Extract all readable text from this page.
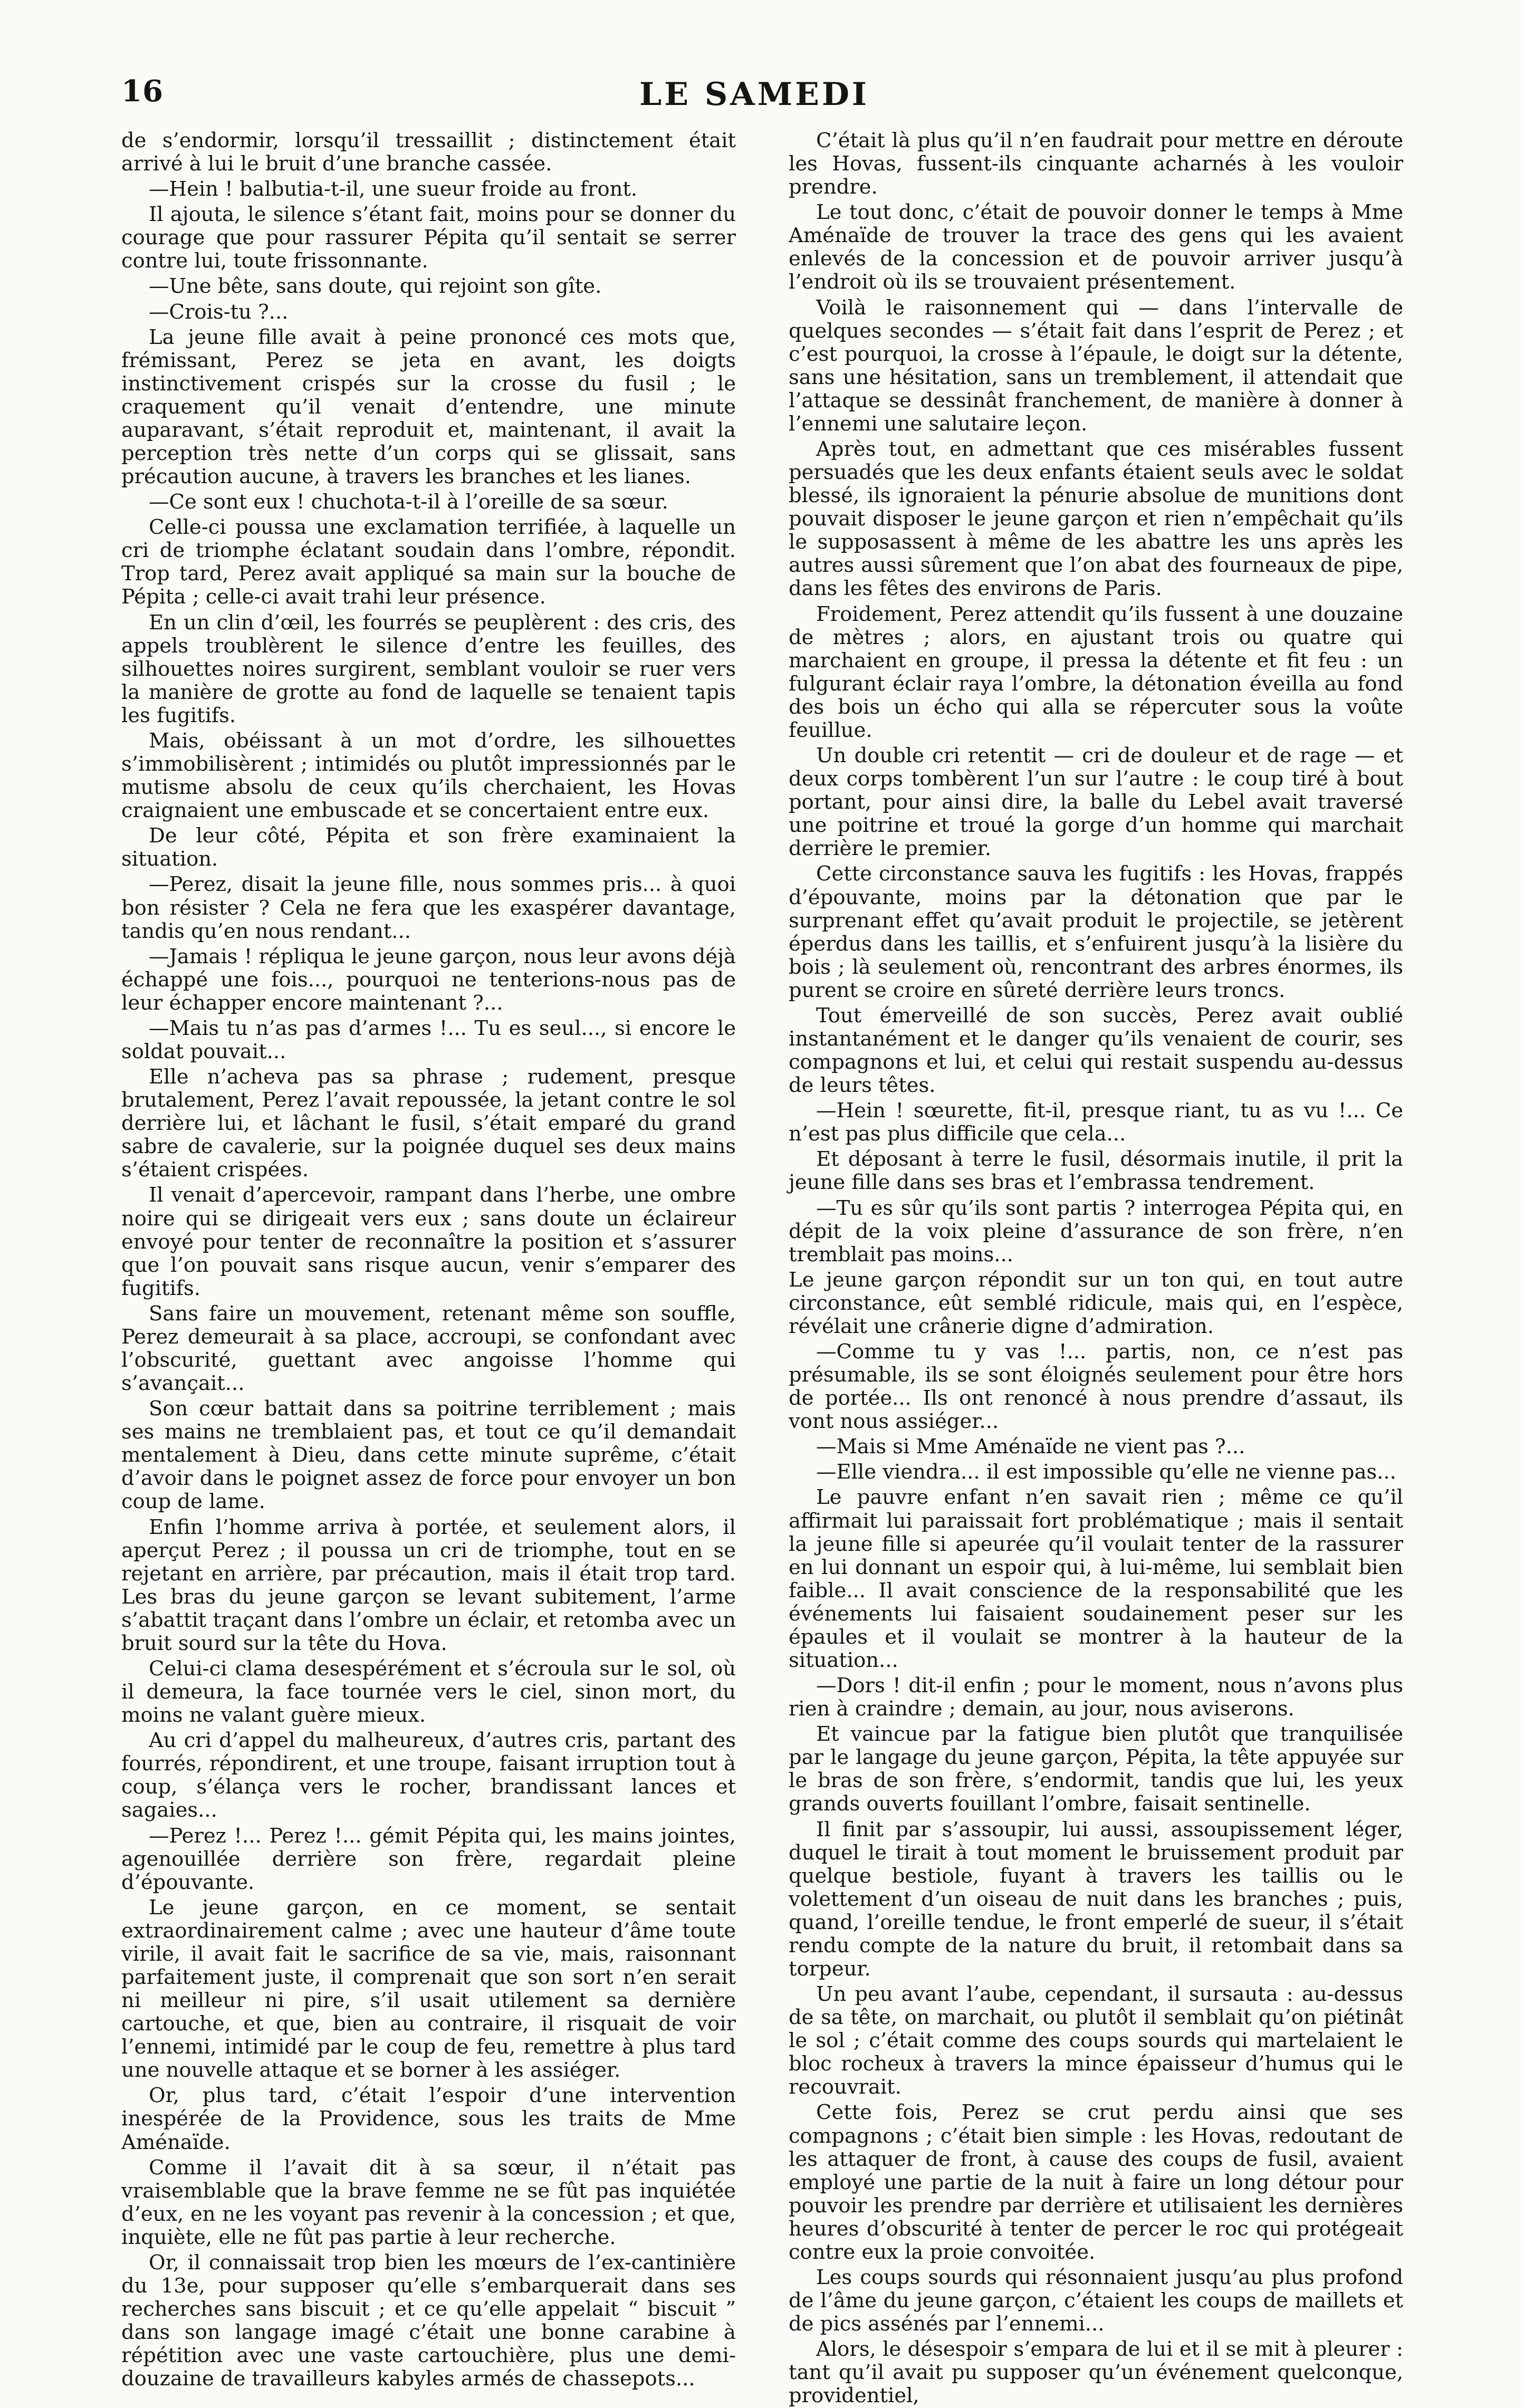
16	LE SAMEDI

de s’endormir, lorsqu’il tressaillit ; distinctement était arrivé à lui le bruit d’une branche cassée.

—Hein ! balbutia-t-il, une sueur froide au front.

Il ajouta, le silence s’étant fait, moins pour se donner du courage que pour rassurer Pépita qu’il sentait se serrer contre lui, toute frissonnante.

—Une bête, sans doute, qui rejoint son gîte.

—Crois-tu ?...

La jeune fille avait à peine prononcé ces mots que, frémissant, Perez se jeta en avant, les doigts instinctivement crispés sur la crosse du fusil ; le craquement qu’il venait d’entendre, une minute auparavant, s’était reproduit et, maintenant, il avait la perception très nette d’un corps qui se glissait, sans précaution aucune, à travers les branches et les lianes.

—Ce sont eux ! chuchota-t-il à l’oreille de sa sœur.

Celle-ci poussa une exclamation terrifiée, à laquelle un cri de triomphe éclatant soudain dans l’ombre, répondit. Trop tard, Perez avait appliqué sa main sur la bouche de Pépita ; celle-ci avait trahi leur présence.

En un clin d’œil, les fourrés se peuplèrent : des cris, des appels troublèrent le silence d’entre les feuilles, des silhouettes noires surgirent, semblant vouloir se ruer vers la manière de grotte au fond de laquelle se tenaient tapis les fugitifs.

Mais, obéissant à un mot d’ordre, les silhouettes s’immobilisèrent ; intimidés ou plutôt impressionnés par le mutisme absolu de ceux qu’ils cherchaient, les Hovas craignaient une embuscade et se concertaient entre eux.

De leur côté, Pépita et son frère examinaient la situation.

—Perez, disait la jeune fille, nous sommes pris... à quoi bon résister ? Cela ne fera que les exaspérer davantage, tandis qu’en nous rendant...

—Jamais ! répliqua le jeune garçon, nous leur avons déjà échappé une fois..., pourquoi ne tenterions-nous pas de leur échapper encore maintenant ?...

—Mais tu n’as pas d’armes !... Tu es seul..., si encore le soldat pouvait...

Elle n’acheva pas sa phrase ; rudement, presque brutalement, Perez l’avait repoussée, la jetant contre le sol derrière lui, et lâchant le fusil, s’était emparé du grand sabre de cavalerie, sur la poignée duquel ses deux mains s’étaient crispées.

Il venait d’apercevoir, rampant dans l’herbe, une ombre noire qui se dirigeait vers eux ; sans doute un éclaireur envoyé pour tenter de reconnaître la position et s’assurer que l’on pouvait sans risque aucun, venir s’emparer des fugitifs.

Sans faire un mouvement, retenant même son souffle, Perez demeurait à sa place, accroupi, se confondant avec l’obscurité, guettant avec angoisse l’homme qui s’avançait...

Son cœur battait dans sa poitrine terriblement ; mais ses mains ne tremblaient pas, et tout ce qu’il demandait mentalement à Dieu, dans cette minute suprême, c’était d’avoir dans le poignet assez de force pour envoyer un bon coup de lame.

Enfin l’homme arriva à portée, et seulement alors, il aperçut Perez ; il poussa un cri de triomphe, tout en se rejetant en arrière, par précaution, mais il était trop tard. Les bras du jeune garçon se levant subitement, l’arme s’abattit traçant dans l’ombre un éclair, et retomba avec un bruit sourd sur la tête du Hova.

Celui-ci clama desespérément et s’écroula sur le sol, où il demeura, la face tournée vers le ciel, sinon mort, du moins ne valant guère mieux.

Au cri d’appel du malheureux, d’autres cris, partant des fourrés, répondirent, et une troupe, faisant irruption tout à coup, s’élança vers le rocher, brandissant lances et sagaies...

—Perez !... Perez !... gémit Pépita qui, les mains jointes, agenouillée derrière son frère, regardait pleine d’épouvante.

Le jeune garçon, en ce moment, se sentait extraordinairement calme ; avec une hauteur d’âme toute virile, il avait fait le sacrifice de sa vie, mais, raisonnant parfaitement juste, il comprenait que son sort n’en serait ni meilleur ni pire, s’il usait utilement sa dernière cartouche, et que, bien au contraire, il risquait de voir l’ennemi, intimidé par le coup de feu, remettre à plus tard une nouvelle attaque et se borner à les assiéger.

Or, plus tard, c’était l’espoir d’une intervention inespérée de la Providence, sous les traits de Mme Aménaïde.

Comme il l’avait dit à sa sœur, il n’était pas vraisemblable que la brave femme ne se fût pas inquiétée d’eux, en ne les voyant pas revenir à la concession ; et que, inquiète, elle ne fût pas partie à leur recherche.

Or, il connaissait trop bien les mœurs de l’ex-cantinière du 13e, pour supposer qu’elle s’embarquerait dans ses recherches sans biscuit ; et ce qu’elle appelait “ biscuit ” dans son langage imagé c’était une bonne carabine à répétition avec une vaste cartouchière, plus une demi-douzaine de travailleurs kabyles armés de chassepots...

C’était là plus qu’il n’en faudrait pour mettre en déroute les Hovas, fussent-ils cinquante acharnés à les vouloir prendre.

Le tout donc, c’était de pouvoir donner le temps à Mme Aménaïde de trouver la trace des gens qui les avaient enlevés de la concession et de pouvoir arriver jusqu’à l’endroit où ils se trouvaient présentement.

Voilà le raisonnement qui — dans l’intervalle de quelques secondes — s’était fait dans l’esprit de Perez ; et c’est pourquoi, la crosse à l’épaule, le doigt sur la détente, sans une hésitation, sans un tremblement, il attendait que l’attaque se dessinât franchement, de manière à donner à l’ennemi une salutaire leçon.

Après tout, en admettant que ces misérables fussent persuadés que les deux enfants étaient seuls avec le soldat blessé, ils ignoraient la pénurie absolue de munitions dont pouvait disposer le jeune garçon et rien n’empêchait qu’ils le supposassent à même de les abattre les uns après les autres aussi sûrement que l’on abat des fourneaux de pipe, dans les fêtes des environs de Paris.

Froidement, Perez attendit qu’ils fussent à une douzaine de mètres ; alors, en ajustant trois ou quatre qui marchaient en groupe, il pressa la détente et fit feu : un fulgurant éclair raya l’ombre, la détonation éveilla au fond des bois un écho qui alla se répercuter sous la voûte feuillue.

Un double cri retentit — cri de douleur et de rage — et deux corps tombèrent l’un sur l’autre : le coup tiré à bout portant, pour ainsi dire, la balle du Lebel avait traversé une poitrine et troué la gorge d’un homme qui marchait derrière le premier.

Cette circonstance sauva les fugitifs : les Hovas, frappés d’épouvante, moins par la détonation que par le surprenant effet qu’avait produit le projectile, se jetèrent éperdus dans les taillis, et s’enfuirent jusqu’à la lisière du bois ; là seulement où, rencontrant des arbres énormes, ils purent se croire en sûreté derrière leurs troncs.

Tout émerveillé de son succès, Perez avait oublié instantanément et le danger qu’ils venaient de courir, ses compagnons et lui, et celui qui restait suspendu au-dessus de leurs têtes.

—Hein ! sœurette, fit-il, presque riant, tu as vu !... Ce n’est pas plus difficile que cela...

Et déposant à terre le fusil, désormais inutile, il prit la jeune fille dans ses bras et l’embrassa tendrement.

—Tu es sûr qu’ils sont partis ? interrogea Pépita qui, en dépit de la voix pleine d’assurance de son frère, n’en tremblait pas moins...

Le jeune garçon répondit sur un ton qui, en tout autre circonstance, eût semblé ridicule, mais qui, en l’espèce, révélait une crânerie digne d’admiration.

—Comme tu y vas !... partis, non, ce n’est pas présumable, ils se sont éloignés seulement pour être hors de portée... Ils ont renoncé à nous prendre d’assaut, ils vont nous assiéger...

—Mais si Mme Aménaïde ne vient pas ?...

—Elle viendra... il est impossible qu’elle ne vienne pas...

Le pauvre enfant n’en savait rien ; même ce qu’il affirmait lui paraissait fort problématique ; mais il sentait la jeune fille si apeurée qu’il voulait tenter de la rassurer en lui donnant un espoir qui, à lui-même, lui semblait bien faible... Il avait conscience de la responsabilité que les événements lui faisaient soudainement peser sur les épaules et il voulait se montrer à la hauteur de la situation...

—Dors ! dit-il enfin ; pour le moment, nous n’avons plus rien à craindre ; demain, au jour, nous aviserons.

Et vaincue par la fatigue bien plutôt que tranquilisée par le langage du jeune garçon, Pépita, la tête appuyée sur le bras de son frère, s’endormit, tandis que lui, les yeux grands ouverts fouillant l’ombre, faisait sentinelle.

Il finit par s’assoupir, lui aussi, assoupissement léger, duquel le tirait à tout moment le bruissement produit par quelque bestiole, fuyant à travers les taillis ou le volettement d’un oiseau de nuit dans les branches ; puis, quand, l’oreille tendue, le front emperlé de sueur, il s’était rendu compte de la nature du bruit, il retombait dans sa torpeur.

Un peu avant l’aube, cependant, il sursauta : au-dessus de sa tête, on marchait, ou plutôt il semblait qu’on piétinât le sol ; c’était comme des coups sourds qui martelaient le bloc rocheux à travers la mince épaisseur d’humus qui le recouvrait.

Cette fois, Perez se crut perdu ainsi que ses compagnons ; c’était bien simple : les Hovas, redoutant de les attaquer de front, à cause des coups de fusil, avaient employé une partie de la nuit à faire un long détour pour pouvoir les prendre par derrière et utilisaient les dernières heures d’obscurité à tenter de percer le roc qui protégeait contre eux la proie convoitée.

Les coups sourds qui résonnaient jusqu’au plus profond de l’âme du jeune garçon, c’étaient les coups de maillets et de pics assénés par l’ennemi...

Alors, le désespoir s’empara de lui et il se mit à pleurer : tant qu’il avait pu supposer qu’un événement quelconque, providentiel,
